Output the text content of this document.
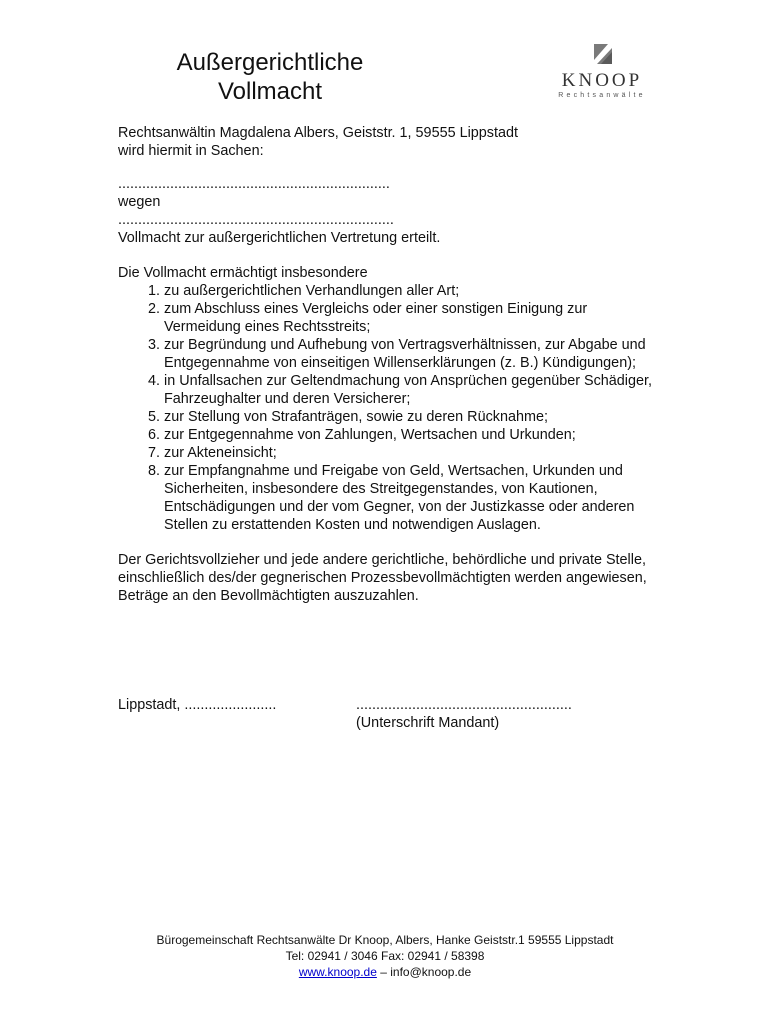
Außergerichtliche
Vollmacht	KNOOP
Rechtsanwälte
Rechtsanwältin Magdalena Albers, Geiststr. 1, 59555 Lippstadt
wird hiermit in Sachen:
....................................................................
wegen
.....................................................................
Vollmacht zur außergerichtlichen Vertretung erteilt.
Die Vollmacht ermächtigt insbesondere
1. zu außergerichtlichen Verhandlungen aller Art;
2. zum Abschluss eines Vergleichs oder einer sonstigen Einigung zur Vermeidung eines Rechtsstreits;
3. zur Begründung und Aufhebung von Vertragsverhältnissen, zur Abgabe und Entgegennahme von einseitigen Willenserklärungen (z. B.) Kündigungen);
4. in Unfallsachen zur Geltendmachung von Ansprüchen gegenüber Schädiger, Fahrzeughalter und deren Versicherer;
5. zur Stellung von Strafanträgen, sowie zu deren Rücknahme;
6. zur Entgegennahme von Zahlungen, Wertsachen und Urkunden;
7. zur Akteneinsicht;
8. zur Empfangnahme und Freigabe von Geld, Wertsachen, Urkunden und Sicherheiten, insbesondere des Streitgegenstandes, von Kautionen, Entschädigungen und der vom Gegner, von der Justizkasse oder anderen Stellen zu erstattenden Kosten und notwendigen Auslagen.
Der Gerichtsvollzieher und jede andere gerichtliche, behördliche und private Stelle, einschließlich des/der gegnerischen Prozessbevollmächtigten werden angewiesen, Beträge an den Bevollmächtigten auszuzahlen.
Lippstadt, .......................	......................................................
(Unterschrift Mandant)
Bürogemeinschaft Rechtsanwälte Dr Knoop, Albers, Hanke Geiststr.1 59555 Lippstadt
Tel: 02941 / 3046 Fax: 02941 / 58398
www.knoop.de – info@knoop.de
